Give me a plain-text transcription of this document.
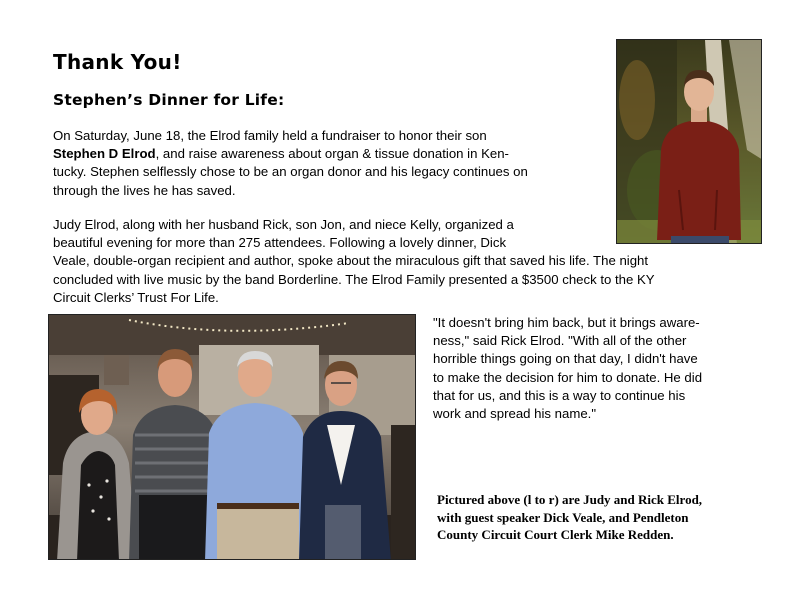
Thank You!
Stephen’s Dinner for Life:
On Saturday, June 18, the Elrod family held a fundraiser to honor their son
Stephen D Elrod, and raise awareness about organ & tissue donation in Ken-
tucky. Stephen selflessly chose to be an organ donor and his legacy continues on
through the lives he has saved.
Judy Elrod, along with her husband Rick, son Jon, and niece Kelly, organized a
beautiful evening for more than 275 attendees. Following a lovely dinner, Dick
Veale, double-organ recipient and author, spoke about the miraculous gift that saved his life. The night
concluded with live music by the band Borderline. The Elrod Family presented a $3500 check to the KY
Circuit Clerks’ Trust For Life.
"It doesn't bring him back, but it brings aware-
ness," said Rick Elrod. "With all of the other
horrible things going on that day, I didn't have
to make the decision for him to donate. He did
that for us, and this is a way to continue his
work and spread his name."
Pictured above (l to r) are Judy and Rick Elrod,
with guest speaker Dick Veale, and Pendleton
County Circuit Court Clerk Mike Redden.
